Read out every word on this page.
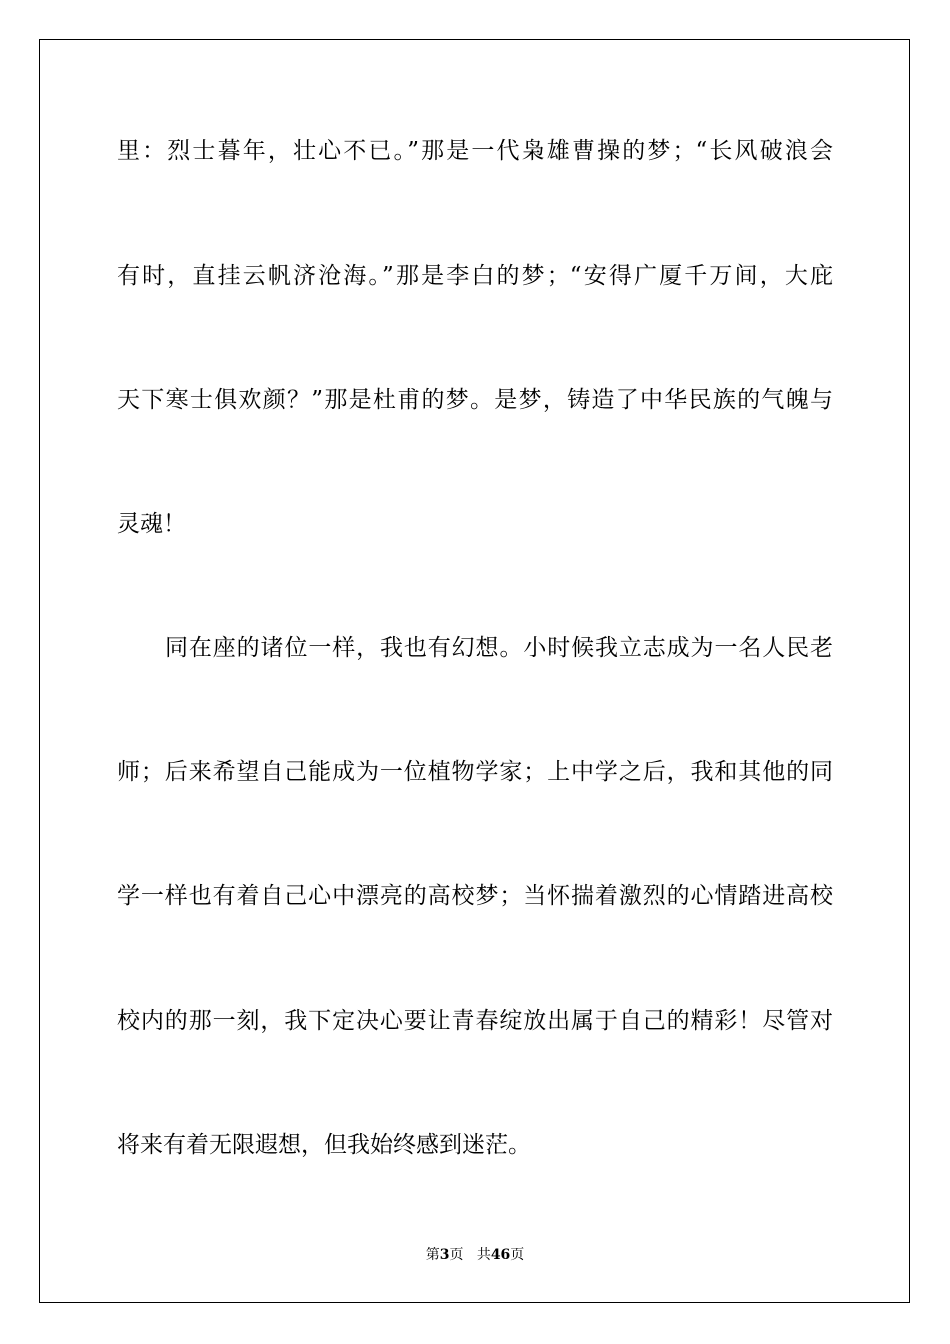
里：烈士暮年，壮心不已。”那是一代枭雄曹操的梦；“长风破浪会
有时，直挂云帆济沧海。”那是李白的梦；“安得广厦千万间，大庇
天下寒士俱欢颜？”那是杜甫的梦。是梦，铸造了中华民族的气魄与
灵魂！
同在座的诸位一样，我也有幻想。小时候我立志成为一名人民老
师；后来希望自己能成为一位植物学家；上中学之后，我和其他的同
学一样也有着自己心中漂亮的高校梦；当怀揣着激烈的心情踏进高校
校内的那一刻，我下定决心要让青春绽放出属于自己的精彩！尽管对
将来有着无限遐想，但我始终感到迷茫。
第3页 共46页
